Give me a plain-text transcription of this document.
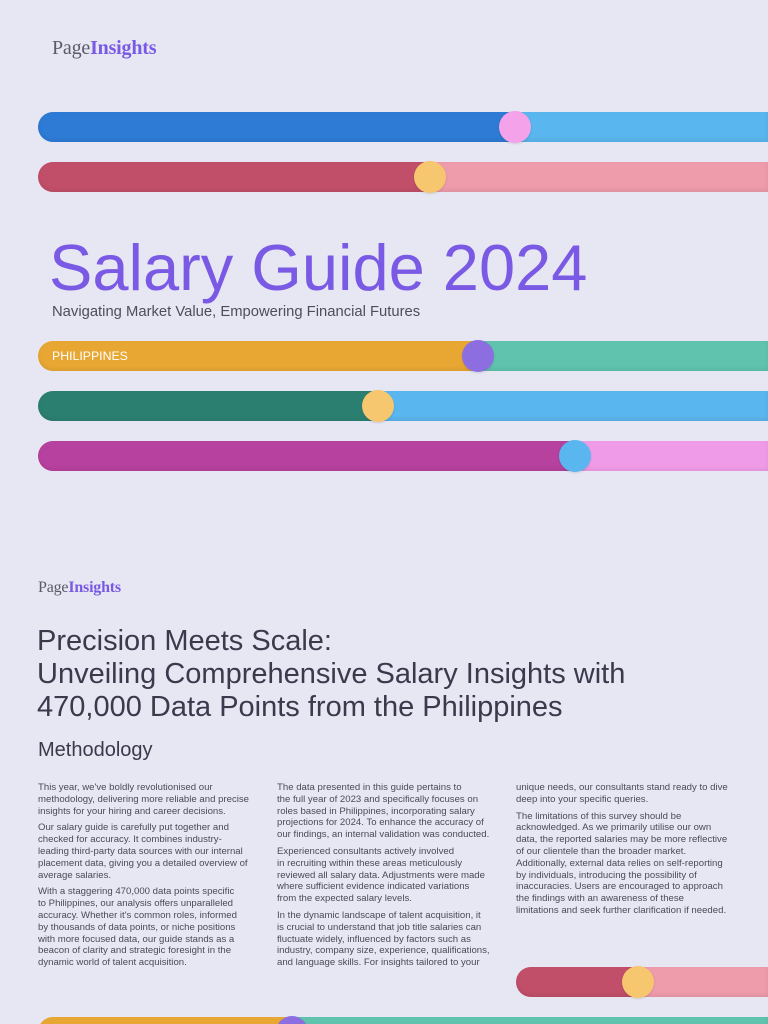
PageInsights
Salary Guide 2024
Navigating Market Value, Empowering Financial Futures
PHILIPPINES
PageInsights
Precision Meets Scale:
Unveiling Comprehensive Salary Insights with
470,000 Data Points from the Philippines
Methodology

This year, we've boldly revolutionised our
methodology, delivering more reliable and precise
insights for your hiring and career decisions.

Our salary guide is carefully put together and
checked for accuracy. It combines industry-
leading third-party data sources with our internal
placement data, giving you a detailed overview of
average salaries.

With a staggering 470,000 data points specific
to Philippines, our analysis offers unparalleled
accuracy. Whether it's common roles, informed
by thousands of data points, or niche positions
with more focused data, our guide stands as a
beacon of clarity and strategic foresight in the
dynamic world of talent acquisition.

The data presented in this guide pertains to
the full year of 2023 and specifically focuses on
roles based in Philippines, incorporating salary
projections for 2024. To enhance the accuracy of
our findings, an internal validation was conducted.

Experienced consultants actively involved
in recruiting within these areas meticulously
reviewed all salary data. Adjustments were made
where sufficient evidence indicated variations
from the expected salary levels.

In the dynamic landscape of talent acquisition, it
is crucial to understand that job title salaries can
fluctuate widely, influenced by factors such as
industry, company size, experience, qualifications,
and language skills. For insights tailored to your

unique needs, our consultants stand ready to dive
deep into your specific queries.

The limitations of this survey should be
acknowledged. As we primarily utilise our own
data, the reported salaries may be more reflective
of our clientele than the broader market.
Additionally, external data relies on self-reporting
by individuals, introducing the possibility of
inaccuracies. Users are encouraged to approach
the findings with an awareness of these
limitations and seek further clarification if needed.
